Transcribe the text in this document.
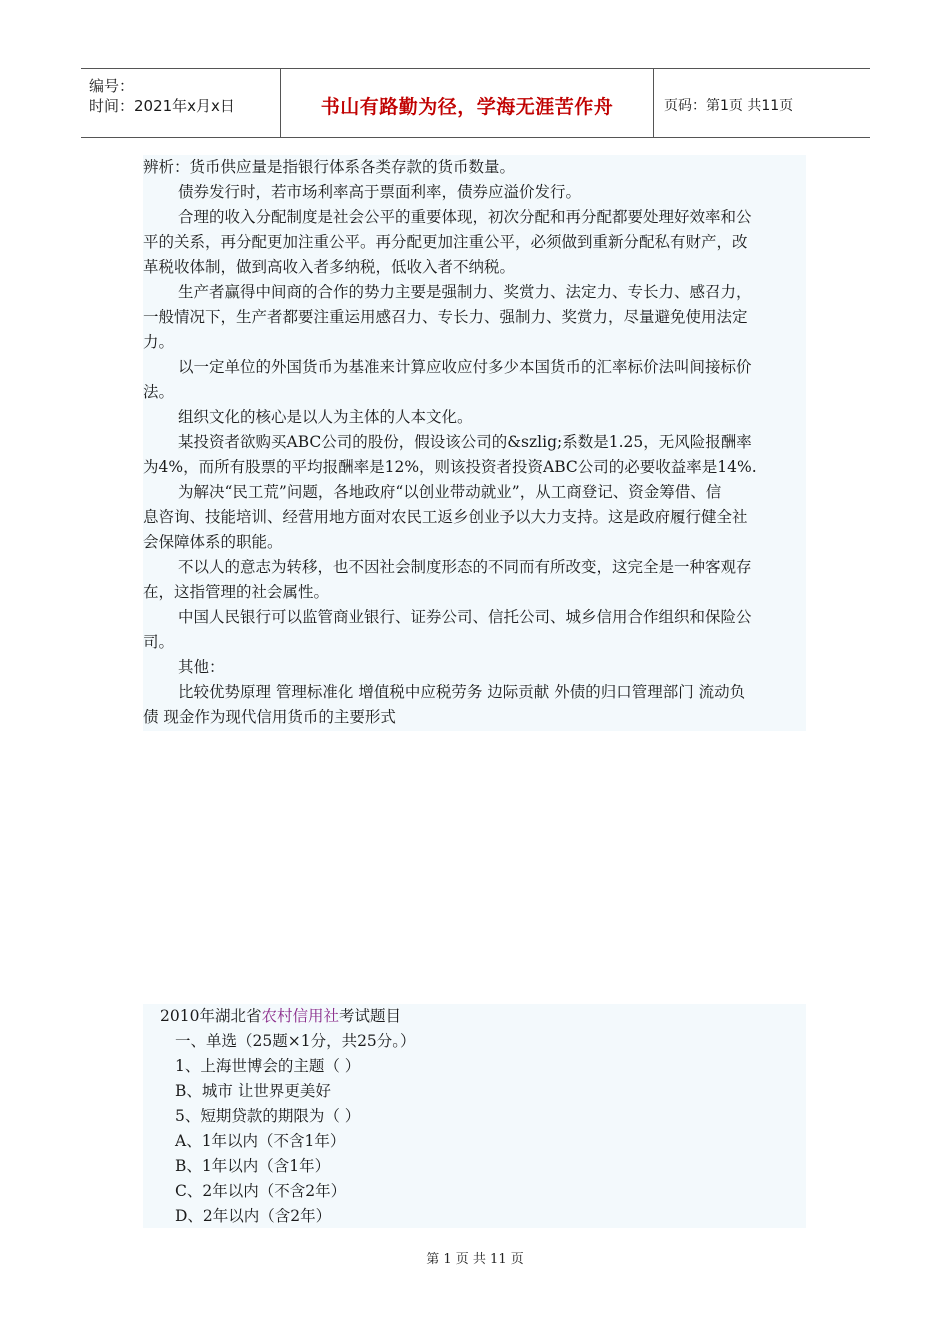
编号：
时间：2021年x月x日	书山有路勤为径，学海无涯苦作舟	页码：第1页 共11页
辨析：货币供应量是指银行体系各类存款的货币数量。
债券发行时，若市场利率高于票面利率，债券应溢价发行。
合理的收入分配制度是社会公平的重要体现，初次分配和再分配都要处理好效率和公
平的关系，再分配更加注重公平。再分配更加注重公平，必须做到重新分配私有财产，改
革税收体制，做到高收入者多纳税，低收入者不纳税。
生产者赢得中间商的合作的势力主要是强制力、奖赏力、法定力、专长力、感召力，
一般情况下，生产者都要注重运用感召力、专长力、强制力、奖赏力，尽量避免使用法定
力。
以一定单位的外国货币为基准来计算应收应付多少本国货币的汇率标价法叫间接标价
法。
组织文化的核心是以人为主体的人本文化。
某投资者欲购买ABC公司的股份，假设该公司的&szlig;系数是1.25，无风险报酬率
为4%，而所有股票的平均报酬率是12%，则该投资者投资ABC公司的必要收益率是14%.
为解决“民工荒”问题，各地政府“以创业带动就业”，从工商登记、资金筹借、信
息咨询、技能培训、经营用地方面对农民工返乡创业予以大力支持。这是政府履行健全社
会保障体系的职能。
不以人的意志为转移，也不因社会制度形态的不同而有所改变，这完全是一种客观存
在，这指管理的社会属性。
中国人民银行可以监管商业银行、证券公司、信托公司、城乡信用合作组织和保险公
司。
其他：
比较优势原理 管理标准化 增值税中应税劳务 边际贡献 外债的归口管理部门 流动负
债 现金作为现代信用货币的主要形式
2010年湖北省农村信用社考试题目
一、单选（25题×1分，共25分。）
1、上海世博会的主题（ ）
B、城市 让世界更美好
5、短期贷款的期限为（ ）
A、1年以内（不含1年）
B、1年以内（含1年）
C、2年以内（不含2年）
D、2年以内（含2年）
第 1 页 共 11 页
